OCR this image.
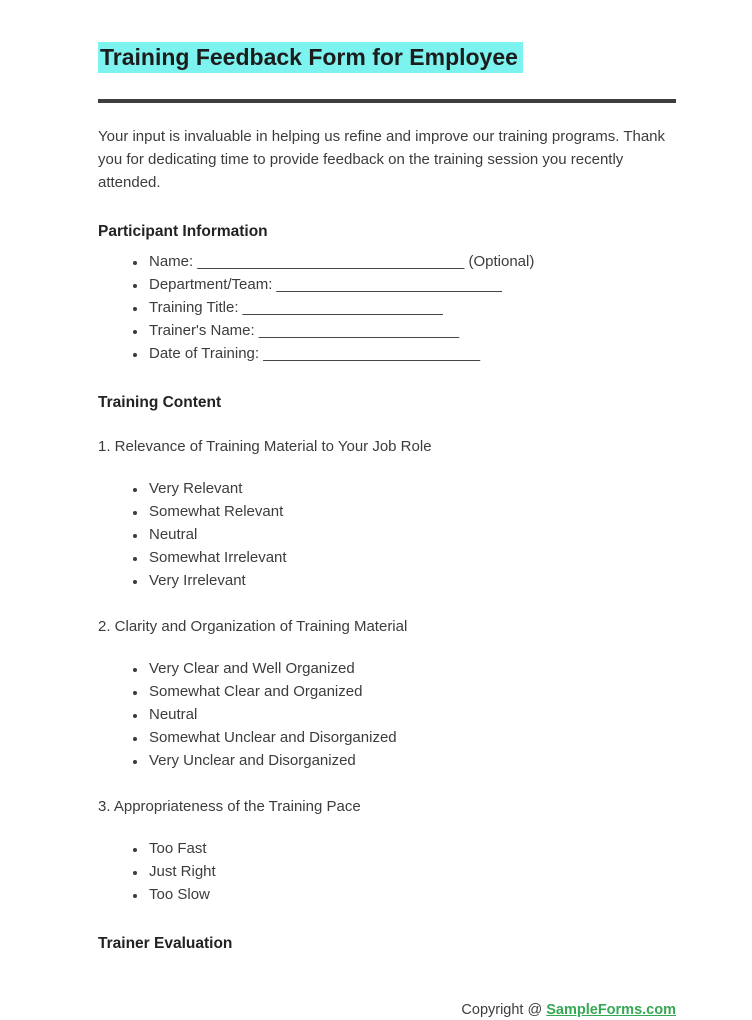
Training Feedback Form for Employee

Your input is invaluable in helping us refine and improve our training programs. Thank you for dedicating time to provide feedback on the training session you recently attended.

Participant Information
• Name: ________________________________ (Optional)
• Department/Team: ___________________________
• Training Title: ________________________
• Trainer's Name: ________________________
• Date of Training: __________________________
Training Content

1. Relevance of Training Material to Your Job Role

• Very Relevant
• Somewhat Relevant
• Neutral
• Somewhat Irrelevant
• Very Irrelevant

2. Clarity and Organization of Training Material

• Very Clear and Well Organized
• Somewhat Clear and Organized
• Neutral
• Somewhat Unclear and Disorganized
• Very Unclear and Disorganized

3. Appropriateness of the Training Pace

• Too Fast
• Just Right
• Too Slow
Trainer Evaluation
Copyright @ SampleForms.com
